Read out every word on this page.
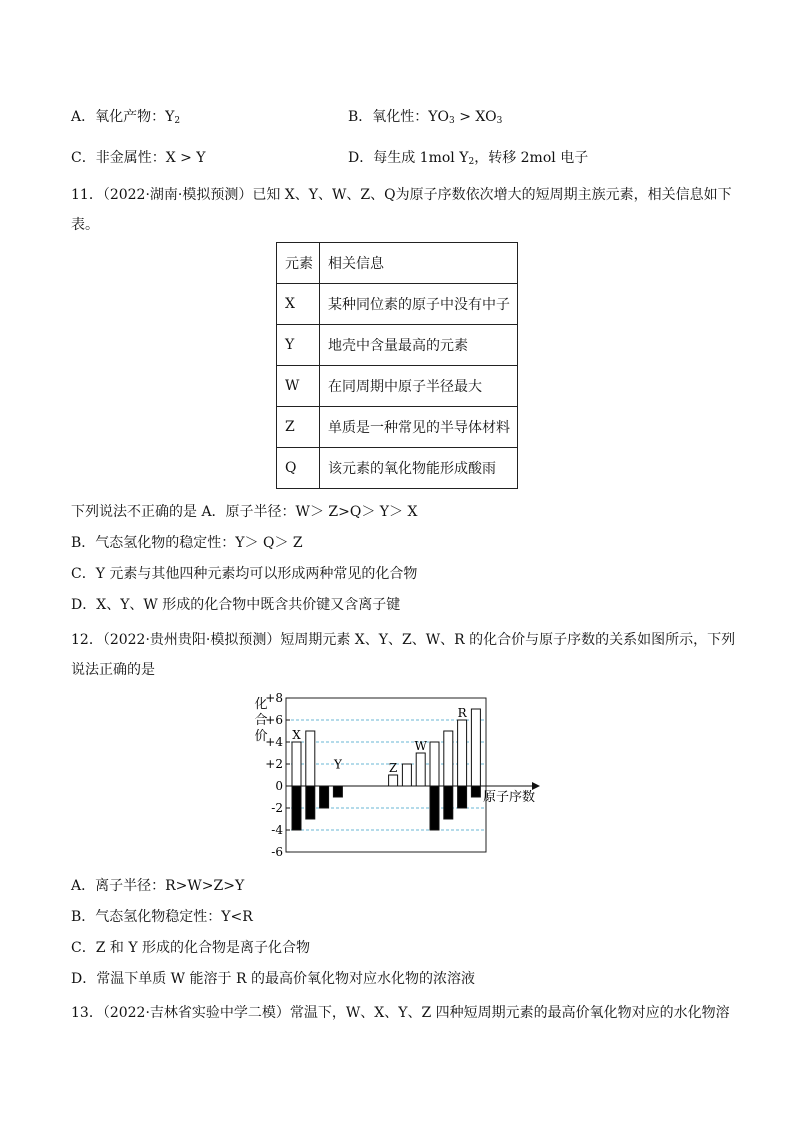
A．氧化产物：$Y_2$	B．氧化性：$YO_3 > XO_3$
C．非金属性：X > Y	D．每生成 1mol $Y_2$，转移 2mol 电子
11．（2022·湖南·模拟预测）已知 X、Y、W、Z、Q为原子序数依次增大的短周期主族元素，相关信息如下
表。
元素	相关信息
X	某种同位素的原子中没有中子
Y	地壳中含量最高的元素
W	在同周期中原子半径最大
Z	单质是一种常见的半导体材料
Q	该元素的氧化物能形成酸雨
下列说法不正确的是 A．原子半径：W＞ Z>Q＞ Y＞ X
B．气态氢化物的稳定性：Y＞ Q＞ Z
C．Y 元素与其他四种元素均可以形成两种常见的化合物
D．X、Y、W 形成的化合物中既含共价键又含离子键
12．（2022·贵州贵阳·模拟预测）短周期元素 X、Y、Z、W、R 的化合价与原子序数的关系如图所示，下列
说法正确的是
+8
+6
+4
+2
0
-2
-4
-6
化
合
价
原子序数
X
Y	Z
W
R
A．离子半径：R>W>Z>Y
B．气态氢化物稳定性：Y<R
C．Z 和 Y 形成的化合物是离子化合物
D．常温下单质 W 能溶于 R 的最高价氧化物对应水化物的浓溶液
13．（2022·吉林省实验中学二模）常温下，W、X、Y、Z 四种短周期元素的最高价氧化物对应的水化物溶
